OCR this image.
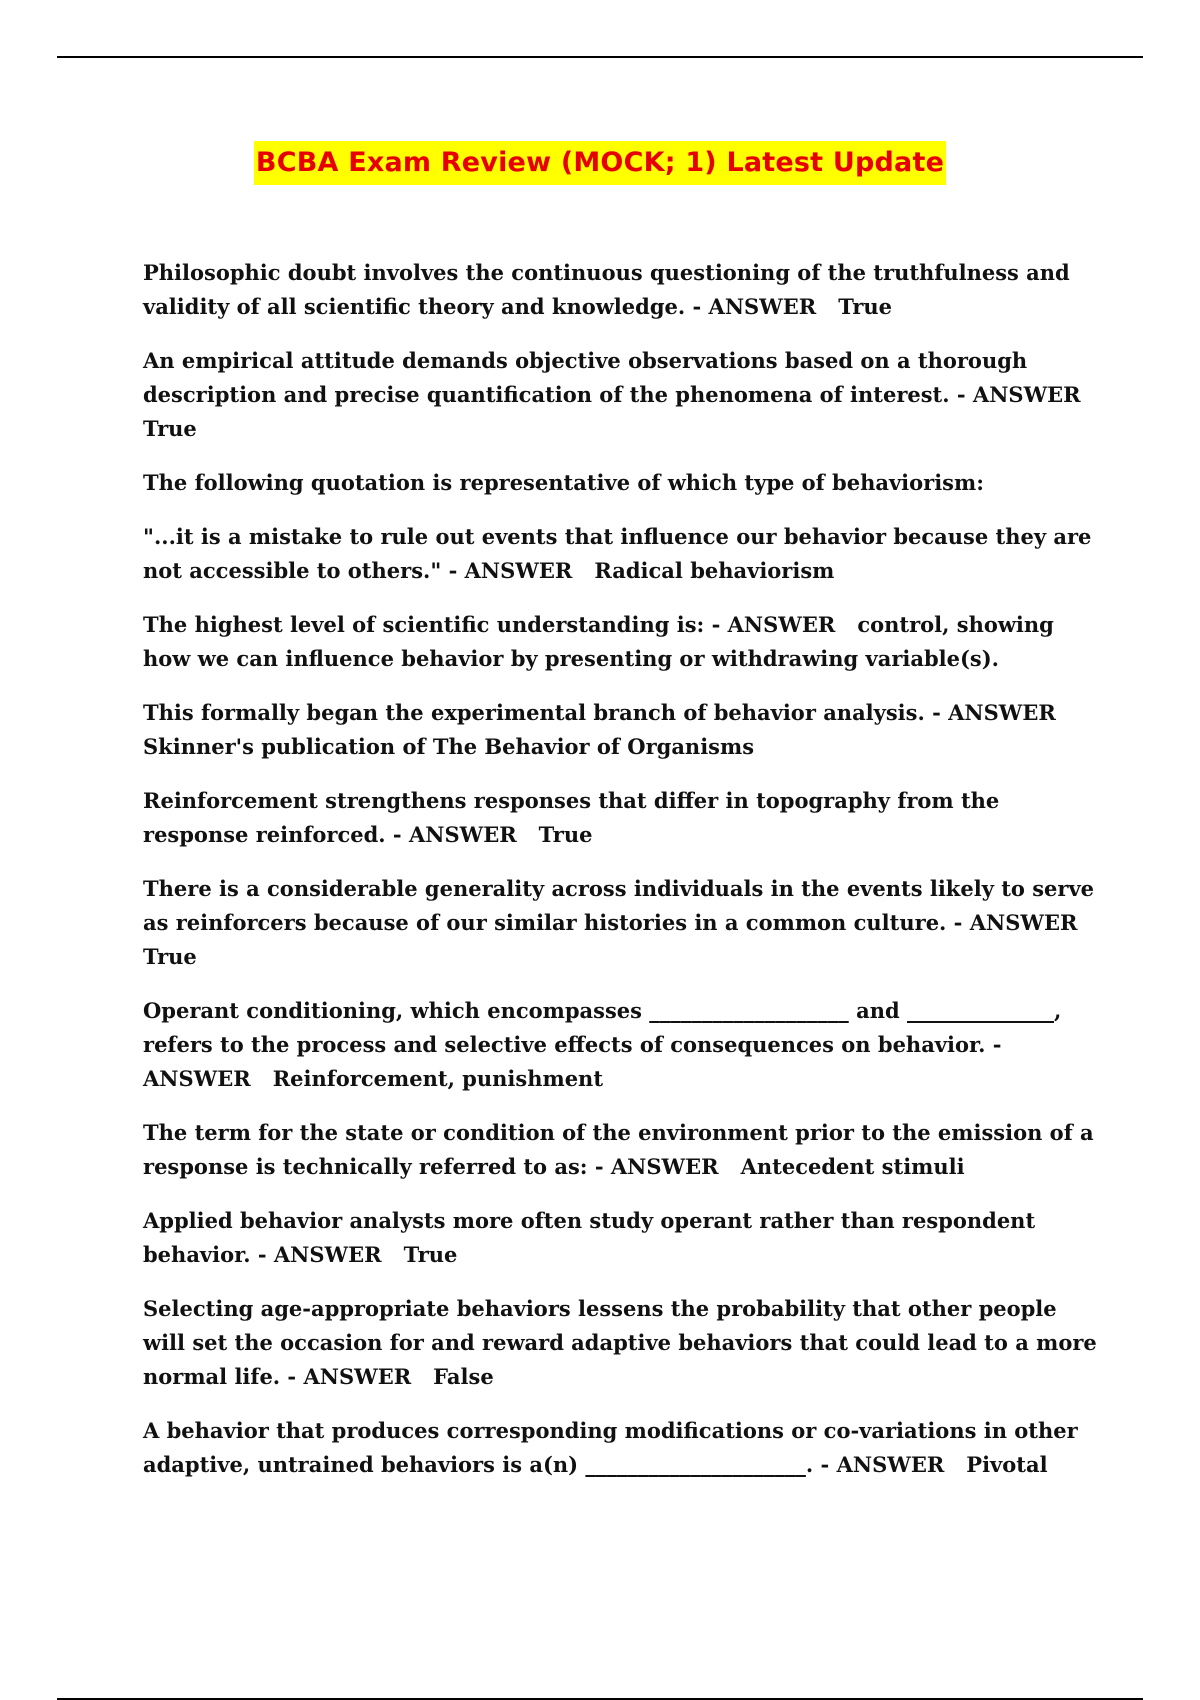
BCBA Exam Review (MOCK; 1) Latest Update

Philosophic doubt involves the continuous questioning of the truthfulness and validity of all scientific theory and knowledge. - ANSWER True

An empirical attitude demands objective observations based on a thorough description and precise quantification of the phenomena of interest. - ANSWERTrue

The following quotation is representative of which type of behaviorism:

"...it is a mistake to rule out events that influence our behavior because they are not accessible to others." - ANSWER Radical behaviorism

The highest level of scientific understanding is: - ANSWER control, showing how we can influence behavior by presenting or withdrawing variable(s).

This formally began the experimental branch of behavior analysis. - ANSWERSkinner's publication of The Behavior of Organisms

Reinforcement strengthens responses that differ in topography from the response reinforced. - ANSWER True

There is a considerable generality across individuals in the events likely to serve as reinforcers because of our similar histories in a common culture. - ANSWERTrue

Operant conditioning, which encompasses ___________________ and ______________, refers to the process and selective effects of consequences on behavior. - ANSWER Reinforcement, punishment

The term for the state or condition of the environment prior to the emission of a response is technically referred to as: - ANSWER Antecedent stimuli

Applied behavior analysts more often study operant rather than respondent behavior. - ANSWER True

Selecting age-appropriate behaviors lessens the probability that other people will set the occasion for and reward adaptive behaviors that could lead to a more normal life. - ANSWER False

A behavior that produces corresponding modifications or co-variations in other adaptive, untrained behaviors is a(n) _____________________. - ANSWER Pivotal
